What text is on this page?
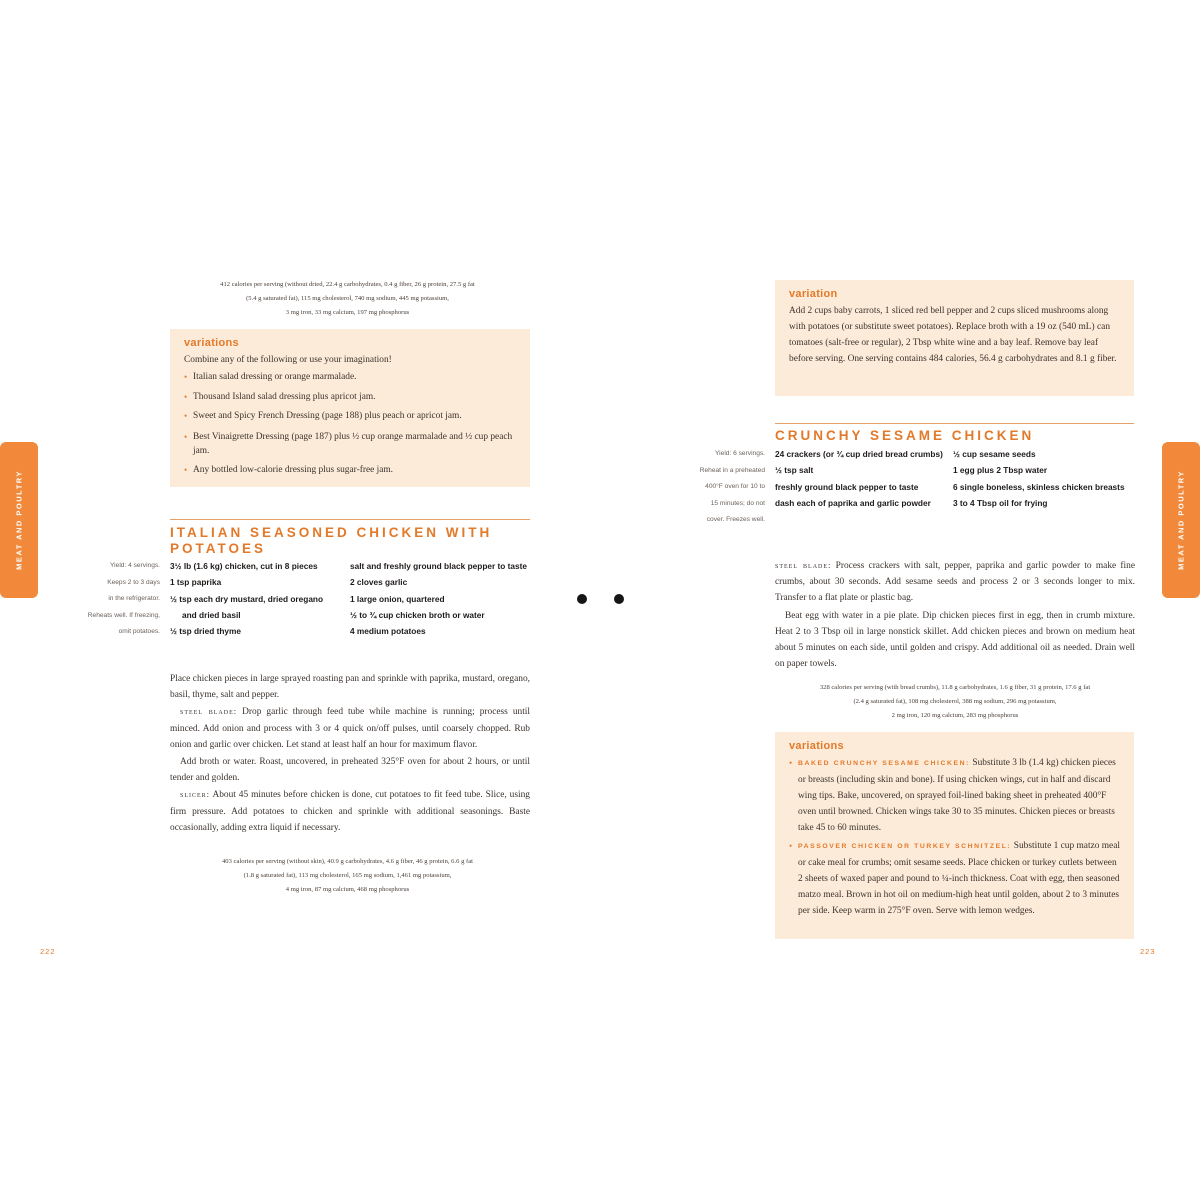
412 calories per serving (without dried, 22.4 g carbohydrates, 0.4 g fiber, 26 g protein, 27.5 g fat
(5.4 g saturated fat), 115 mg cholesterol, 740 mg sodium, 445 mg potassium,
3 mg iron, 33 mg calcium, 197 mg phosphorus
variations
Combine any of the following or use your imagination!
• Italian salad dressing or orange marmalade.
• Thousand Island salad dressing plus apricot jam.
• Sweet and Spicy French Dressing (page 188) plus peach or apricot jam.
• Best Vinaigrette Dressing (page 187) plus ½ cup orange marmalade and ½ cup peach jam.
• Any bottled low-calorie dressing plus sugar-free jam.
ITALIAN SEASONED CHICKEN WITH
POTATOES
Yield: 4 servings.
Keeps 2 to 3 days
in the refrigerator.
Reheats well. If freezing,
omit potatoes.
3½ lb (1.6 kg) chicken, cut in 8 pieces
1 tsp paprika
½ tsp each dry mustard, dried oregano and dried basil
½ tsp dried thyme
salt and freshly ground black pepper to taste
2 cloves garlic
1 large onion, quartered
½ to ¾ cup chicken broth or water
4 medium potatoes

Place chicken pieces in large sprayed roasting pan and sprinkle with paprika, mustard, oregano, basil, thyme, salt and pepper.

steel blade: Drop garlic through feed tube while machine is running; process until minced. Add onion and process with 3 or 4 quick on/off pulses, until coarsely chopped. Rub onion and garlic over chicken. Let stand at least half an hour for maximum flavor.

Add broth or water. Roast, uncovered, in preheated 325°F oven for about 2 hours, or until tender and golden.

slicer: About 45 minutes before chicken is done, cut potatoes to fit feed tube. Slice, using firm pressure. Add potatoes to chicken and sprinkle with additional seasonings. Baste occasionally, adding extra liquid if necessary.

403 calories per serving (without skin), 40.9 g carbohydrates, 4.6 g fiber, 46 g protein, 6.6 g fat
(1.8 g saturated fat), 113 mg cholesterol, 165 mg sodium, 1,461 mg potassium,
4 mg iron, 87 mg calcium, 468 mg phosphorus
MEAT AND POULTRY
222
variation
Add 2 cups baby carrots, 1 sliced red bell pepper and 2 cups sliced mushrooms along with potatoes (or substitute sweet potatoes). Replace broth with a 19 oz (540 mL) can tomatoes (salt-free or regular), 2 Tbsp white wine and a bay leaf. Remove bay leaf before serving. One serving contains 484 calories, 56.4 g carbohydrates and 8.1 g fiber.
CRUNCHY SESAME CHICKEN
Yield: 6 servings.
Reheat in a preheated
400°F oven for 10 to
15 minutes; do not
cover. Freezes well.
24 crackers (or ¾ cup dried bread crumbs)
½ tsp salt
freshly ground black pepper to taste
dash each of paprika and garlic powder
½ cup sesame seeds
1 egg plus 2 Tbsp water
6 single boneless, skinless chicken breasts
3 to 4 Tbsp oil for frying

steel blade: Process crackers with salt, pepper, paprika and garlic powder to make fine crumbs, about 30 seconds. Add sesame seeds and process 2 or 3 seconds longer to mix. Transfer to a flat plate or plastic bag.

Beat egg with water in a pie plate. Dip chicken pieces first in egg, then in crumb mixture. Heat 2 to 3 Tbsp oil in large nonstick skillet. Add chicken pieces and brown on medium heat about 5 minutes on each side, until golden and crispy. Add additional oil as needed. Drain well on paper towels.

328 calories per serving (with bread crumbs), 11.8 g carbohydrates, 1.6 g fiber, 31 g protein, 17.6 g fat
(2.4 g saturated fat), 108 mg cholesterol, 388 mg sodium, 296 mg potassium,
2 mg iron, 120 mg calcium, 283 mg phosphorus
variations
• BAKED CRUNCHY SESAME CHICKEN: Substitute 3 lb (1.4 kg) chicken pieces or breasts (including skin and bone). If using chicken wings, cut in half and discard wing tips. Bake, uncovered, on sprayed foil-lined baking sheet in preheated 400°F oven until browned. Chicken wings take 30 to 35 minutes. Chicken pieces or breasts take 45 to 60 minutes.
• PASSOVER CHICKEN OR TURKEY SCHNITZEL: Substitute 1 cup matzo meal or cake meal for crumbs; omit sesame seeds. Place chicken or turkey cutlets between 2 sheets of waxed paper and pound to ¼-inch thickness. Coat with egg, then seasoned matzo meal. Brown in hot oil on medium-high heat until golden, about 2 to 3 minutes per side. Keep warm in 275°F oven. Serve with lemon wedges.
MEAT AND POULTRY
223
